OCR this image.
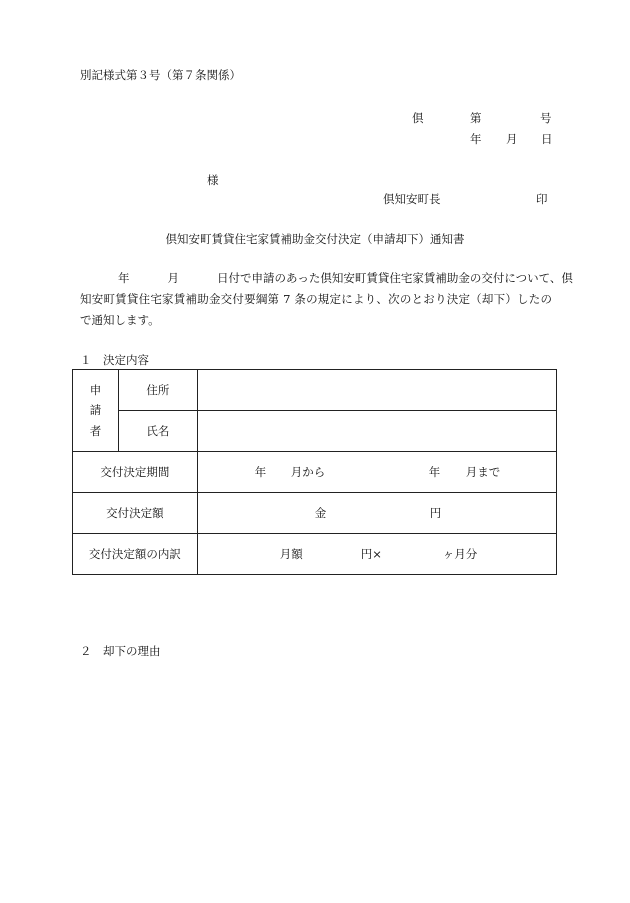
別記様式第３号（第７条関係）
倶	第	号
年 月 日
様
倶知安町長	印
倶知安町賃貸住宅家賃補助金交付決定（申請却下）通知書
年	月	日付で申請のあった倶知安町賃貸住宅家賃補助金の交付について、倶
知安町賃貸住宅家賃補助金交付要綱第 7 条の規定により、次のとおり決定（却下）したの
で通知します。
１　決定内容
申
請
者	住所	
	氏名	
交付決定期間		年 月から 年 月まで

交付決定額		金 円

交付決定額の内訳		月額 円× ヶ月分
２　却下の理由
